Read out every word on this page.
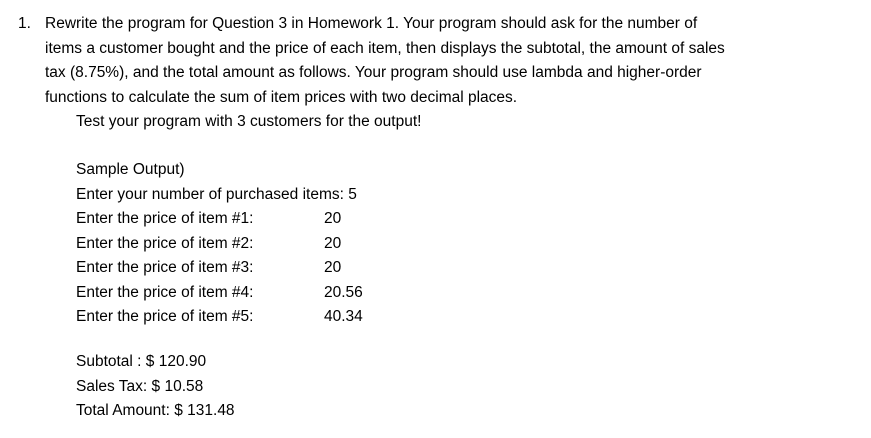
1. Rewrite the program for Question 3 in Homework 1. Your program should ask for the number of
items a customer bought and the price of each item, then displays the subtotal, the amount of sales
tax (8.75%), and the total amount as follows. Your program should use lambda and higher-order
functions to calculate the sum of item prices with two decimal places.
Test your program with 3 customers for the output!
Sample Output)
Enter your number of purchased items: 5
Enter the price of item #1:	20
Enter the price of item #2:	20
Enter the price of item #3:	20
Enter the price of item #4:	20.56
Enter the price of item #5:	40.34
Subtotal : $ 120.90
Sales Tax: $ 10.58
Total Amount: $ 131.48
